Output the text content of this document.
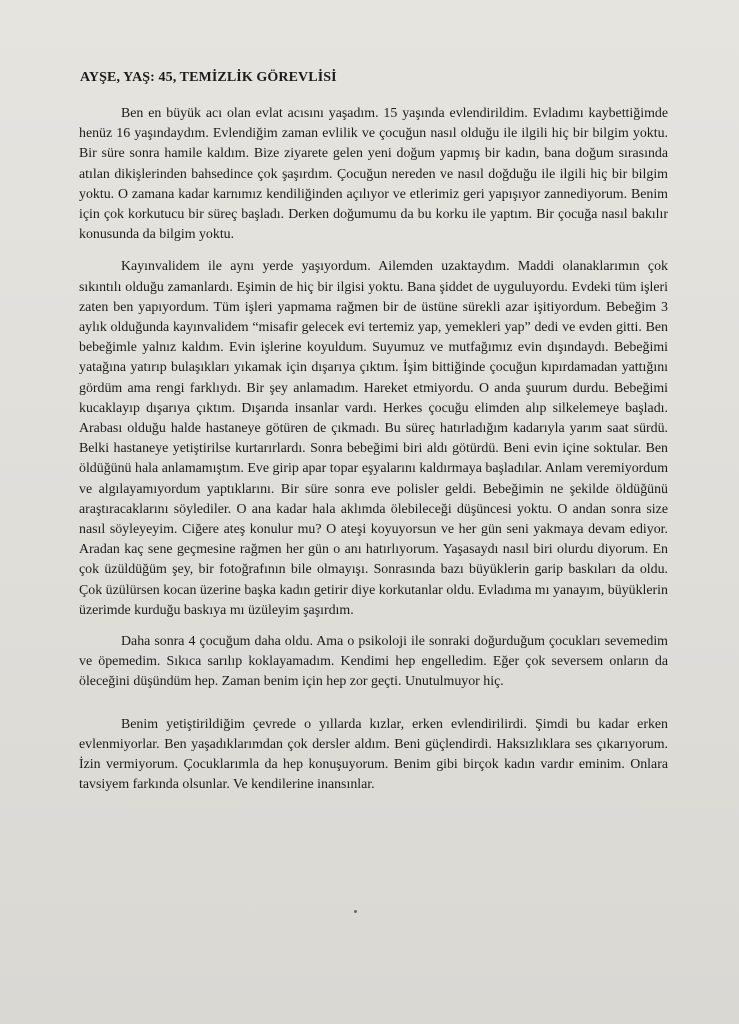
AYŞE, YAŞ: 45, TEMİZLİK GÖREVLİSİ

Ben en büyük acı olan evlat acısını yaşadım. 15 yaşında evlendirildim. Evladımı kaybettiğimde henüz 16 yaşındaydım. Evlendiğim zaman evlilik ve çocuğun nasıl olduğu ile ilgili hiç bir bilgim yoktu. Bir süre sonra hamile kaldım. Bize ziyarete gelen yeni doğum yapmış bir kadın, bana doğum sırasında atılan dikişlerinden bahsedince çok şaşırdım. Çocuğun nereden ve nasıl doğduğu ile ilgili hiç bir bilgim yoktu. O zamana kadar karnımız kendiliğinden açılıyor ve etlerimiz geri yapışıyor zannediyorum. Benim için çok korkutucu bir süreç başladı. Derken doğumumu da bu korku ile yaptım. Bir çocuğa nasıl bakılır konusunda da bilgim yoktu.

Kayınvalidem ile aynı yerde yaşıyordum. Ailemden uzaktaydım. Maddi olanaklarımın çok sıkıntılı olduğu zamanlardı. Eşimin de hiç bir ilgisi yoktu. Bana şiddet de uyguluyordu. Evdeki tüm işleri zaten ben yapıyordum. Tüm işleri yapmama rağmen bir de üstüne sürekli azar işitiyordum. Bebeğim 3 aylık olduğunda kayınvalidem “misafir gelecek evi tertemiz yap, yemekleri yap” dedi ve evden gitti. Ben bebeğimle yalnız kaldım. Evin işlerine koyuldum. Suyumuz ve mutfağımız evin dışındaydı. Bebeğimi yatağına yatırıp bulaşıkları yıkamak için dışarıya çıktım. İşim bittiğinde çocuğun kıpırdamadan yattığını gördüm ama rengi farklıydı. Bir şey anlamadım. Hareket etmiyordu. O anda şuurum durdu. Bebeğimi kucaklayıp dışarıya çıktım. Dışarıda insanlar vardı. Herkes çocuğu elimden alıp silkelemeye başladı. Arabası olduğu halde hastaneye götüren de çıkmadı. Bu süreç hatırladığım kadarıyla yarım saat sürdü. Belki hastaneye yetiştirilse kurtarırlardı. Sonra bebeğimi biri aldı götürdü. Beni evin içine soktular. Ben öldüğünü hala anlamamıştım. Eve girip apar topar eşyalarını kaldırmaya başladılar. Anlam veremiyordum ve algılayamıyordum yaptıklarını. Bir süre sonra eve polisler geldi. Bebeğimin ne şekilde öldüğünü araştıracaklarını söylediler. O ana kadar hala aklımda ölebileceği düşüncesi yoktu. O andan sonra size nasıl söyleyeyim. Ciğere ateş konulur mu? O ateşi koyuyorsun ve her gün seni yakmaya devam ediyor. Aradan kaç sene geçmesine rağmen her gün o anı hatırlıyorum. Yaşasaydı nasıl biri olurdu diyorum. En çok üzüldüğüm şey, bir fotoğrafının bile olmayışı. Sonrasında bazı büyüklerin garip baskıları da oldu. Çok üzülürsen kocan üzerine başka kadın getirir diye korkutanlar oldu. Evladıma mı yanayım, büyüklerin üzerimde kurduğu baskıya mı üzüleyim şaşırdım.

Daha sonra 4 çocuğum daha oldu. Ama o psikoloji ile sonraki doğurduğum çocukları sevemedim ve öpemedim. Sıkıca sarılıp koklayamadım. Kendimi hep engelledim. Eğer çok seversem onların da öleceğini düşündüm hep. Zaman benim için hep zor geçti. Unutulmuyor hiç.

Benim yetiştirildiğim çevrede o yıllarda kızlar, erken evlendirilirdi. Şimdi bu kadar erken evlenmiyorlar. Ben yaşadıklarımdan çok dersler aldım. Beni güçlendirdi. Haksızlıklara ses çıkarıyorum. İzin vermiyorum. Çocuklarımla da hep konuşuyorum. Benim gibi birçok kadın vardır eminim. Onlara tavsiyem farkında olsunlar. Ve kendilerine inansınlar.
